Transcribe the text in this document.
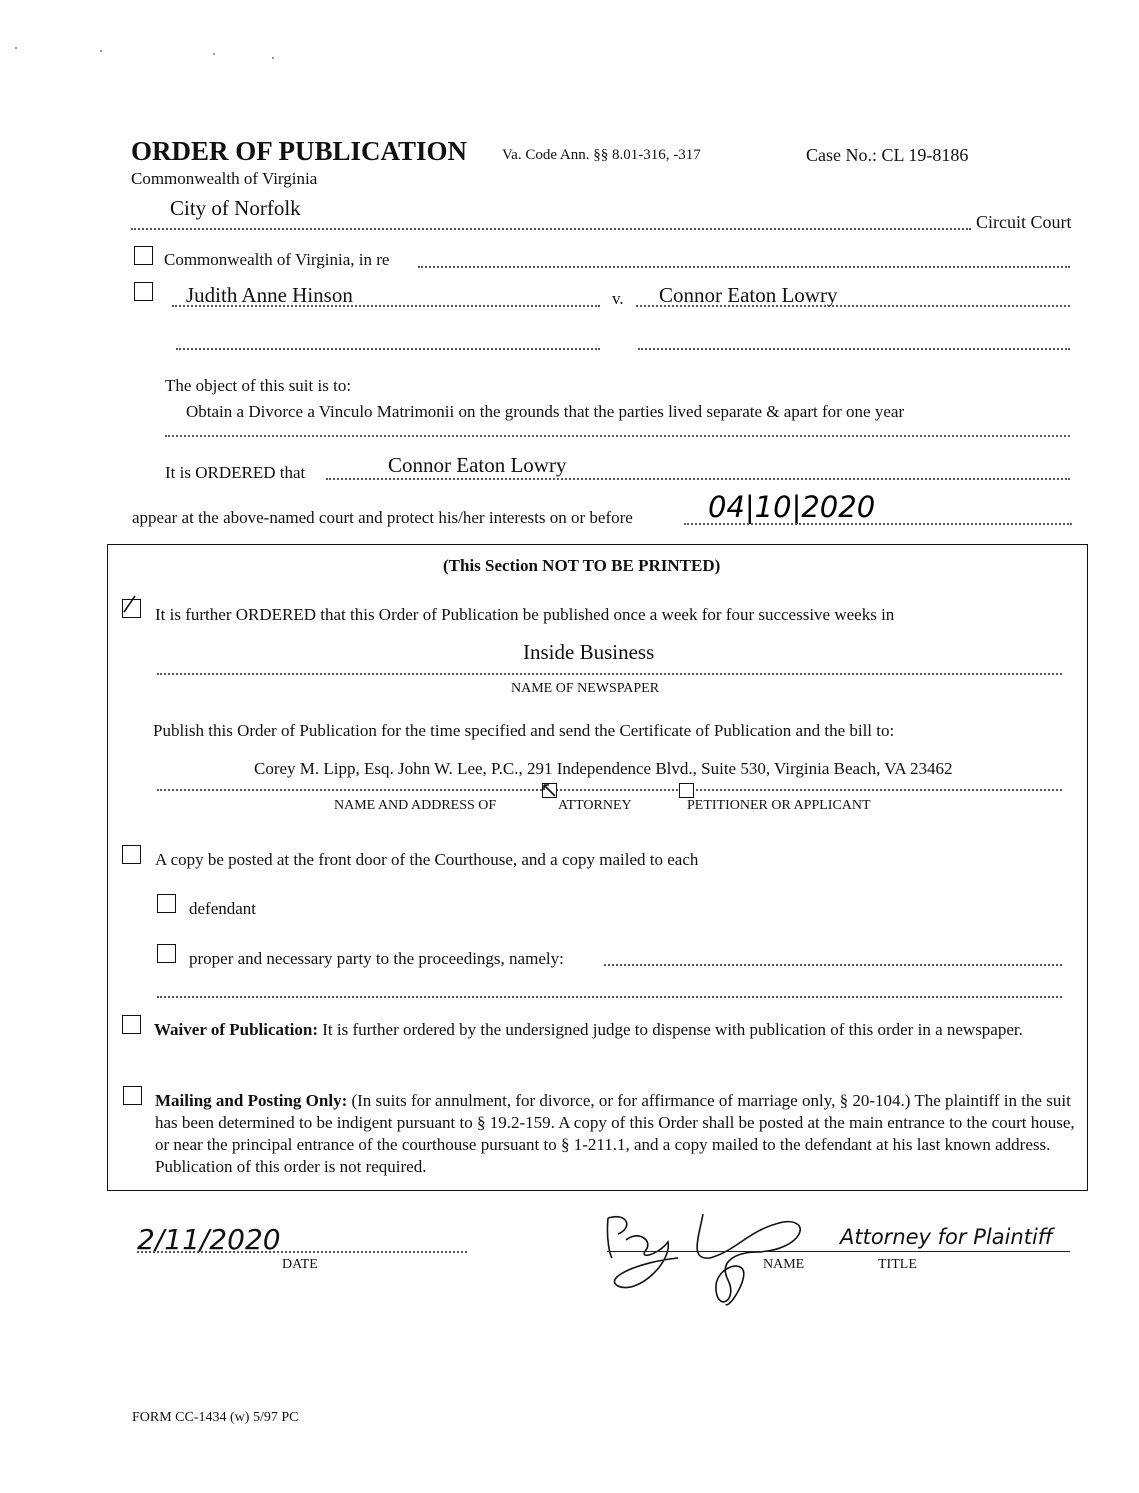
ORDER OF PUBLICATION Va. Code Ann. §§ 8.01-316, -317	Case No.: CL 19-8186
Commonwealth of Virginia
City of Norfolk
Circuit Court
Commonwealth of Virginia, in re
Judith Anne Hinson	v. Connor Eaton Lowry
The object of this suit is to:
Obtain a Divorce a Vinculo Matrimonii on the grounds that the parties lived separate & apart for one year
It is ORDERED that	Connor Eaton Lowry
appear at the above-named court and protect his/her interests on or before	04|10|2020
(This Section NOT TO BE PRINTED)
It is further ORDERED that this Order of Publication be published once a week for four successive weeks in
Inside Business
NAME OF NEWSPAPER
Publish this Order of Publication for the time specified and send the Certificate of Publication and the bill to:
Corey M. Lipp, Esq. John W. Lee, P.C., 291 Independence Blvd., Suite 530, Virginia Beach, VA 23462
NAME AND ADDRESS OF	ATTORNEY	PETITIONER OR APPLICANT
A copy be posted at the front door of the Courthouse, and a copy mailed to each
defendant
proper and necessary party to the proceedings, namely:
Waiver of Publication: It is further ordered by the undersigned judge to dispense with publication of this order in a newspaper.
Mailing and Posting Only: (In suits for annulment, for divorce, or for affirmance of marriage only, § 20-104.) The plaintiff in the suit has been determined to be indigent pursuant to § 19.2-159. A copy of this Order shall be posted at the main entrance to the court house, or near the principal entrance of the courthouse pursuant to § 1-211.1, and a copy mailed to the defendant at his last known address. Publication of this order is not required.
2/11/2020
DATE	NAME
Attorney for Plaintiff
TITLE
FORM CC-1434 (w) 5/97 PC
